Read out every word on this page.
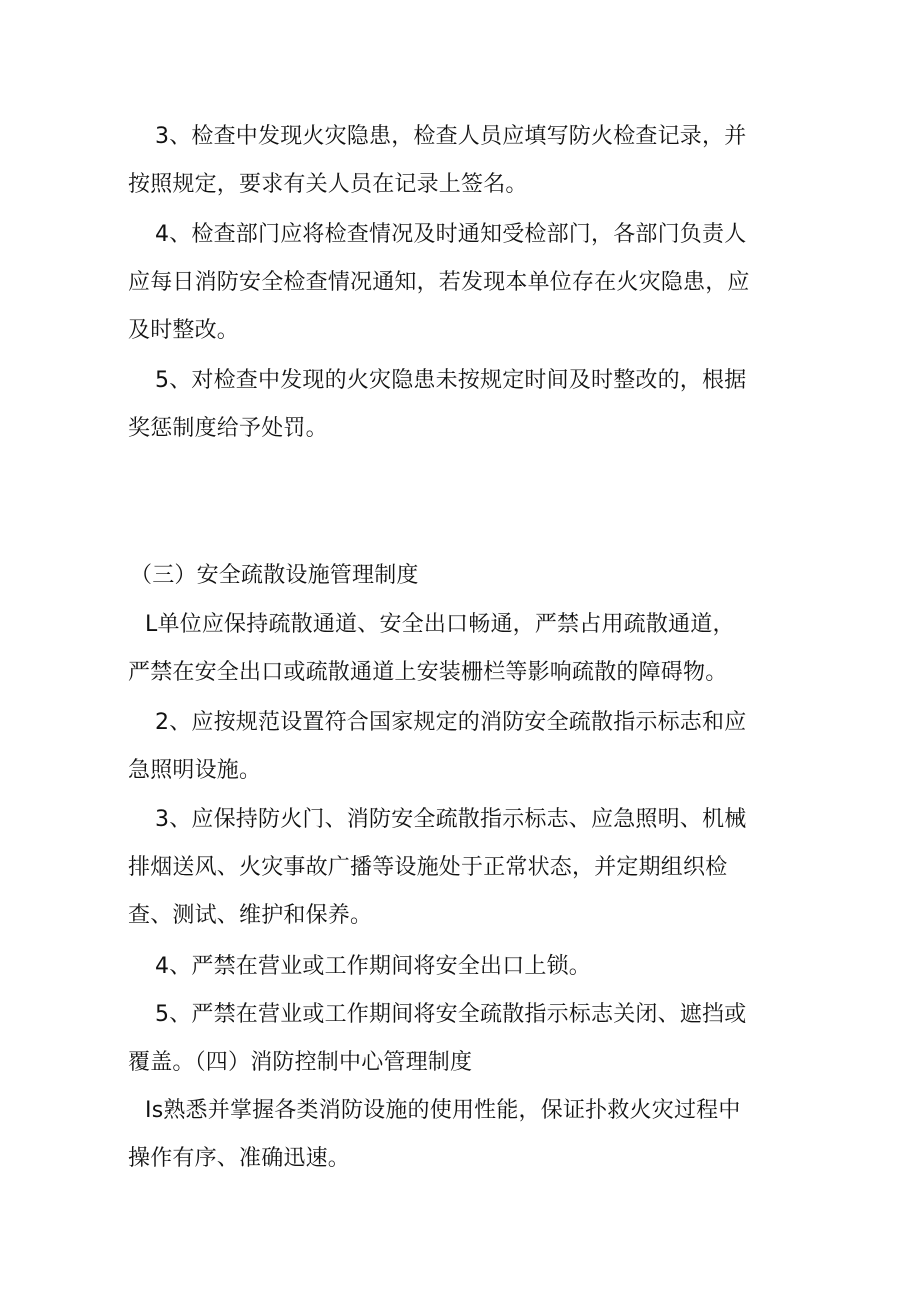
3、检查中发现火灾隐患，检查人员应填写防火检查记录，并
按照规定，要求有关人员在记录上签名。
4、检查部门应将检查情况及时通知受检部门，各部门负责人
应每日消防安全检查情况通知，若发现本单位存在火灾隐患，应
及时整改。
5、对检查中发现的火灾隐患未按规定时间及时整改的，根据
奖惩制度给予处罚。
（三）安全疏散设施管理制度
L单位应保持疏散通道、安全出口畅通，严禁占用疏散通道，
严禁在安全出口或疏散通道上安装栅栏等影响疏散的障碍物。
2、应按规范设置符合国家规定的消防安全疏散指示标志和应
急照明设施。
3、应保持防火门、消防安全疏散指示标志、应急照明、机械
排烟送风、火灾事故广播等设施处于正常状态，并定期组织检
查、测试、维护和保养。
4、严禁在营业或工作期间将安全出口上锁。
5、严禁在营业或工作期间将安全疏散指示标志关闭、遮挡或
覆盖。（四）消防控制中心管理制度
Is熟悉并掌握各类消防设施的使用性能，保证扑救火灾过程中
操作有序、准确迅速。
